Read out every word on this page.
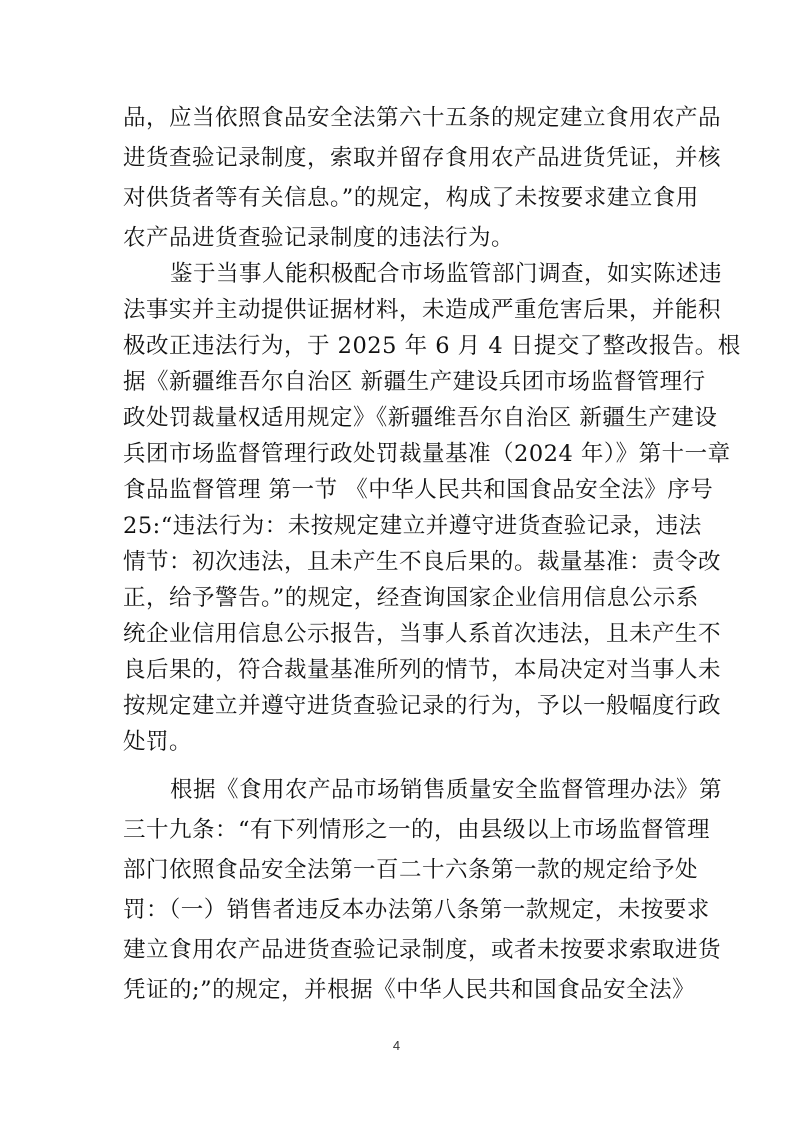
品，应当依照食品安全法第六十五条的规定建立食用农产品
进货查验记录制度，索取并留存食用农产品进货凭证，并核
对供货者等有关信息。”的规定，构成了未按要求建立食用
农产品进货查验记录制度的违法行为。
鉴于当事人能积极配合市场监管部门调查，如实陈述违
法事实并主动提供证据材料，未造成严重危害后果，并能积
极改正违法行为，于 2025 年 6 月 4 日提交了整改报告。根
据《新疆维吾尔自治区 新疆生产建设兵团市场监督管理行
政处罚裁量权适用规定》《新疆维吾尔自治区 新疆生产建设
兵团市场监督管理行政处罚裁量基准（2024 年）》第十一章
食品监督管理 第一节 《中华人民共和国食品安全法》序号
25:“违法行为：未按规定建立并遵守进货查验记录，违法
情节：初次违法，且未产生不良后果的。裁量基准：责令改
正，给予警告。”的规定，经查询国家企业信用信息公示系
统企业信用信息公示报告，当事人系首次违法，且未产生不
良后果的，符合裁量基准所列的情节，本局决定对当事人未
按规定建立并遵守进货查验记录的行为，予以一般幅度行政
处罚。
根据《食用农产品市场销售质量安全监督管理办法》第
三十九条：“有下列情形之一的，由县级以上市场监督管理
部门依照食品安全法第一百二十六条第一款的规定给予处
罚：（一）销售者违反本办法第八条第一款规定，未按要求
建立食用农产品进货查验记录制度，或者未按要求索取进货
凭证的;”的规定，并根据《中华人民共和国食品安全法》
4
